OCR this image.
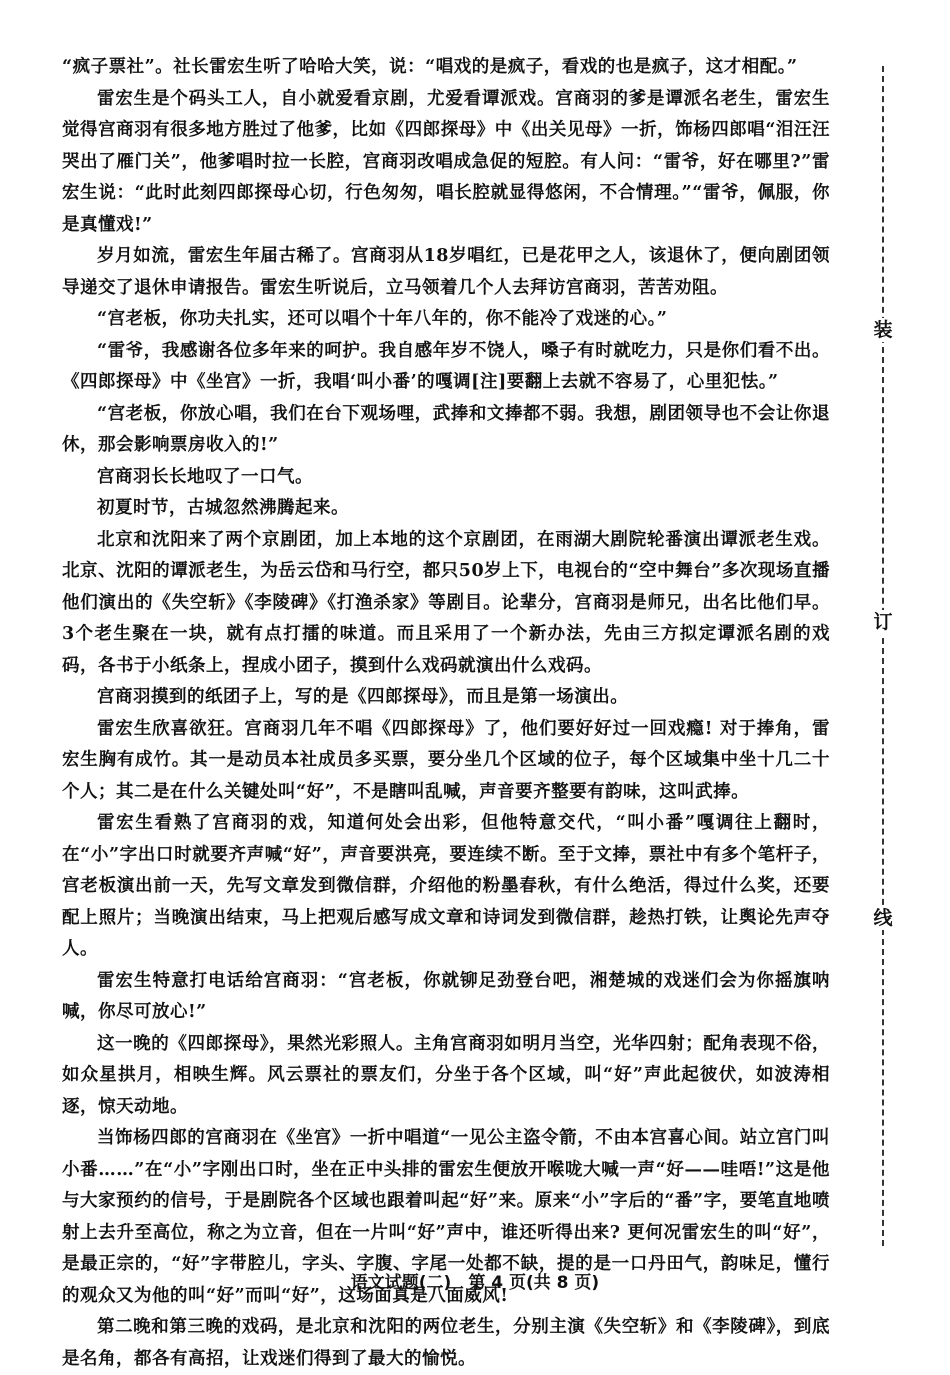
“疯子票社”。社长雷宏生听了哈哈大笑，说：“唱戏的是疯子，看戏的也是疯子，这才相配。”

雷宏生是个码头工人，自小就爱看京剧，尤爱看谭派戏。宫商羽的爹是谭派名老生，雷宏生觉得宫商羽有很多地方胜过了他爹，比如《四郎探母》中《出关见母》一折，饰杨四郎唱“泪汪汪哭出了雁门关”，他爹唱时拉一长腔，宫商羽改唱成急促的短腔。有人问：“雷爷，好在哪里?”雷宏生说：“此时此刻四郎探母心切，行色匆匆，唱长腔就显得悠闲，不合情理。”“雷爷，佩服，你是真懂戏!”

岁月如流，雷宏生年届古稀了。宫商羽从18岁唱红，已是花甲之人，该退休了，便向剧团领导递交了退休申请报告。雷宏生听说后，立马领着几个人去拜访宫商羽，苦苦劝阻。

“宫老板，你功夫扎实，还可以唱个十年八年的，你不能冷了戏迷的心。”

“雷爷，我感谢各位多年来的呵护。我自感年岁不饶人，嗓子有时就吃力，只是你们看不出。《四郎探母》中《坐宫》一折，我唱‘叫小番’的嘎调[注]要翻上去就不容易了，心里犯怯。”

“宫老板，你放心唱，我们在台下观场哩，武捧和文捧都不弱。我想，剧团领导也不会让你退休，那会影响票房收入的!”

宫商羽长长地叹了一口气。

初夏时节，古城忽然沸腾起来。

北京和沈阳来了两个京剧团，加上本地的这个京剧团，在雨湖大剧院轮番演出谭派老生戏。北京、沈阳的谭派老生，为岳云岱和马行空，都只50岁上下，电视台的“空中舞台”多次现场直播他们演出的《失空斩》《李陵碑》《打渔杀家》等剧目。论辈分，宫商羽是师兄，出名比他们早。3个老生聚在一块，就有点打擂的味道。而且采用了一个新办法，先由三方拟定谭派名剧的戏码，各书于小纸条上，捏成小团子，摸到什么戏码就演出什么戏码。

宫商羽摸到的纸团子上，写的是《四郎探母》，而且是第一场演出。

雷宏生欣喜欲狂。宫商羽几年不唱《四郎探母》了，他们要好好过一回戏瘾! 对于捧角，雷宏生胸有成竹。其一是动员本社成员多买票，要分坐几个区域的位子，每个区域集中坐十几二十个人；其二是在什么关键处叫“好”，不是瞎叫乱喊，声音要齐整要有韵味，这叫武捧。

雷宏生看熟了宫商羽的戏，知道何处会出彩，但他特意交代，“叫小番”嘎调往上翻时，在“小”字出口时就要齐声喊“好”，声音要洪亮，要连续不断。至于文捧，票社中有多个笔杆子，宫老板演出前一天，先写文章发到微信群，介绍他的粉墨春秋，有什么绝活，得过什么奖，还要配上照片；当晚演出结束，马上把观后感写成文章和诗词发到微信群，趁热打铁，让舆论先声夺人。

雷宏生特意打电话给宫商羽：“宫老板，你就铆足劲登台吧，湘楚城的戏迷们会为你摇旗呐喊，你尽可放心!”

这一晚的《四郎探母》，果然光彩照人。主角宫商羽如明月当空，光华四射；配角表现不俗，如众星拱月，相映生辉。风云票社的票友们，分坐于各个区域，叫“好”声此起彼伏，如波涛相逐，惊天动地。

当饰杨四郎的宫商羽在《坐宫》一折中唱道“一见公主盗令箭，不由本宫喜心间。站立宫门叫小番……”在“小”字刚出口时，坐在正中头排的雷宏生便放开喉咙大喊一声“好——哇唔!”这是他与大家预约的信号，于是剧院各个区域也跟着叫起“好”来。原来“小”字后的“番”字，要笔直地喷射上去升至高位，称之为立音，但在一片叫“好”声中，谁还听得出来? 更何况雷宏生的叫“好”，是最正宗的，“好”字带腔儿，字头、字腹、字尾一处都不缺，提的是一口丹田气，韵味足，懂行的观众又为他的叫“好”而叫“好”，这场面真是八面威风!

第二晚和第三晚的戏码，是北京和沈阳的两位老生，分别主演《失空斩》和《李陵碑》，到底是名角，都各有高招，让戏迷们得到了最大的愉悦。

装
订
线
语文试题(二)　第 4 页(共 8 页)
